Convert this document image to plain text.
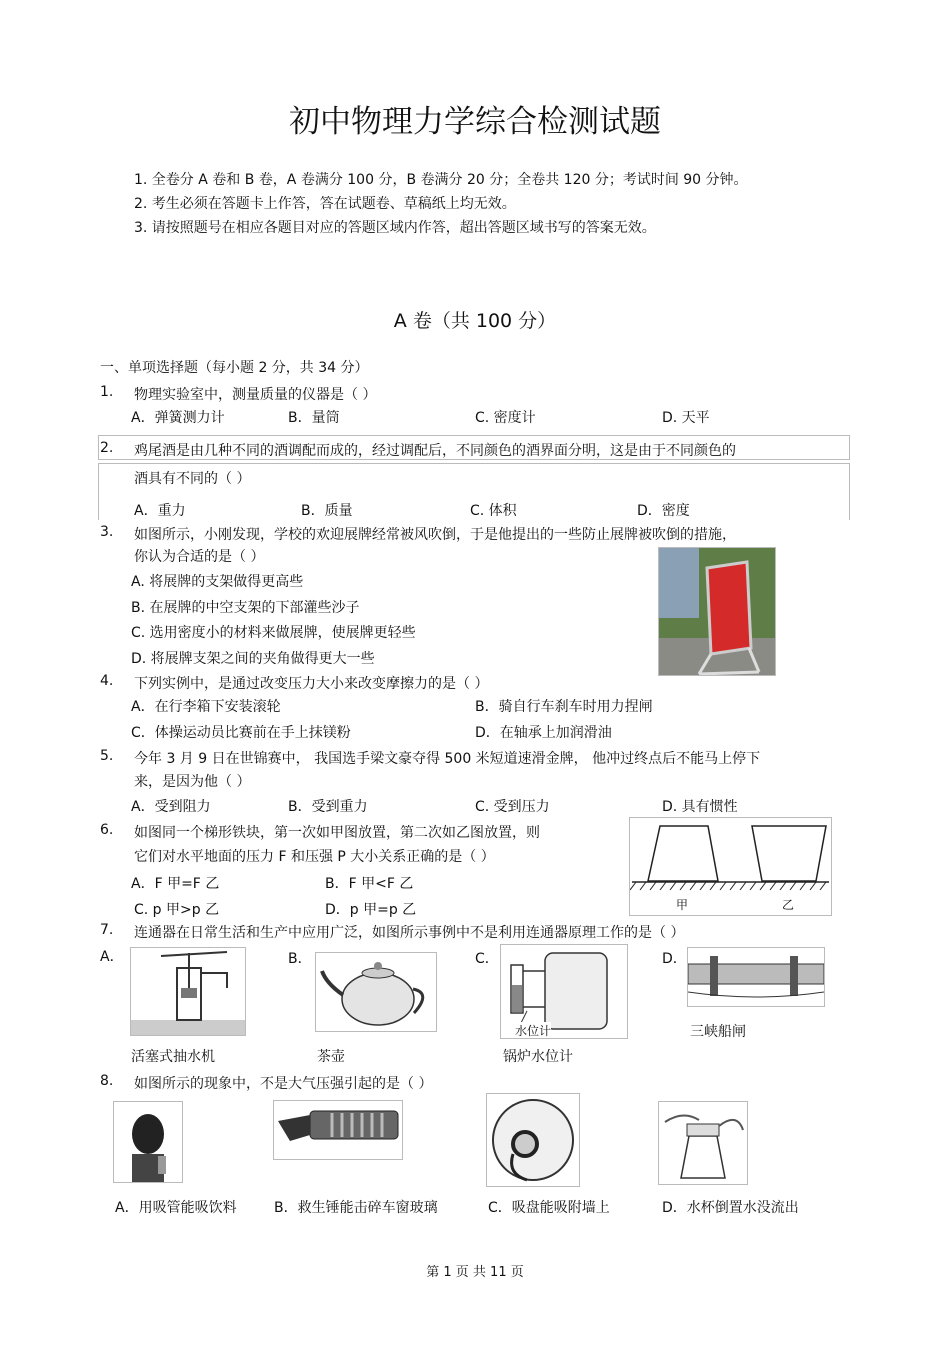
初中物理力学综合检测试题
1. 全卷分 A 卷和 B 卷，A 卷满分 100 分，B 卷满分 20 分；全卷共 120 分；考试时间 90 分钟。
2. 考生必须在答题卡上作答，答在试题卷、草稿纸上均无效。
3. 请按照题号在相应各题目对应的答题区域内作答，超出答题区域书写的答案无效。
A 卷（共 100 分）
一、单项选择题（每小题 2 分，共 34 分）
1. 物理实验室中，测量质量的仪器是（ ）
A．弹簧测力计	B．量筒	C. 密度计	D. 天平
2. 鸡尾酒是由几种不同的酒调配而成的，经过调配后，不同颜色的酒界面分明，这是由于不同颜色的
酒具有不同的（ ）
A．重力	B．质量	C. 体积	D．密度
3. 如图所示，小刚发现，学校的欢迎展牌经常被风吹倒，于是他提出的一些防止展牌被吹倒的措施，
你认为合适的是（ ）
A. 将展牌的支架做得更高些
B. 在展牌的中空支架的下部灌些沙子
C. 选用密度小的材料来做展牌，使展牌更轻些
D. 将展牌支架之间的夹角做得更大一些
4. 下列实例中，是通过改变压力大小来改变摩擦力的是（ ）
A．在行李箱下安装滚轮	B．骑自行车刹车时用力捏闸
C．体操运动员比赛前在手上抹镁粉	D．在轴承上加润滑油
5. 今年 3 月 9 日在世锦赛中， 我国选手梁文豪夺得 500 米短道速滑金牌， 他冲过终点后不能马上停下
来，是因为他（ ）
A．受到阻力	B．受到重力	C. 受到压力	D. 具有惯性
6. 如图同一个梯形铁块，第一次如甲图放置，第二次如乙图放置，则
它们对水平地面的压力 F 和压强 P 大小关系正确的是（ ）
A．F 甲=F 乙	B．F 甲<F 乙
C. p 甲>p 乙	D．p 甲=p 乙	甲	乙
7. 连通器在日常生活和生产中应用广泛，如图所示事例中不是利用连通器原理工作的是（ ）
A．	B．	C．	D．
水位计
活塞式抽水机	茶壶	锅炉水位计
三峡船闸
8. 如图所示的现象中，不是大气压强引起的是（ ）
A．用吸管能吸饮料	B．救生锤能击碎车窗玻璃	C．吸盘能吸附墙上	D．水杯倒置水没流出
第 1 页 共 11 页
